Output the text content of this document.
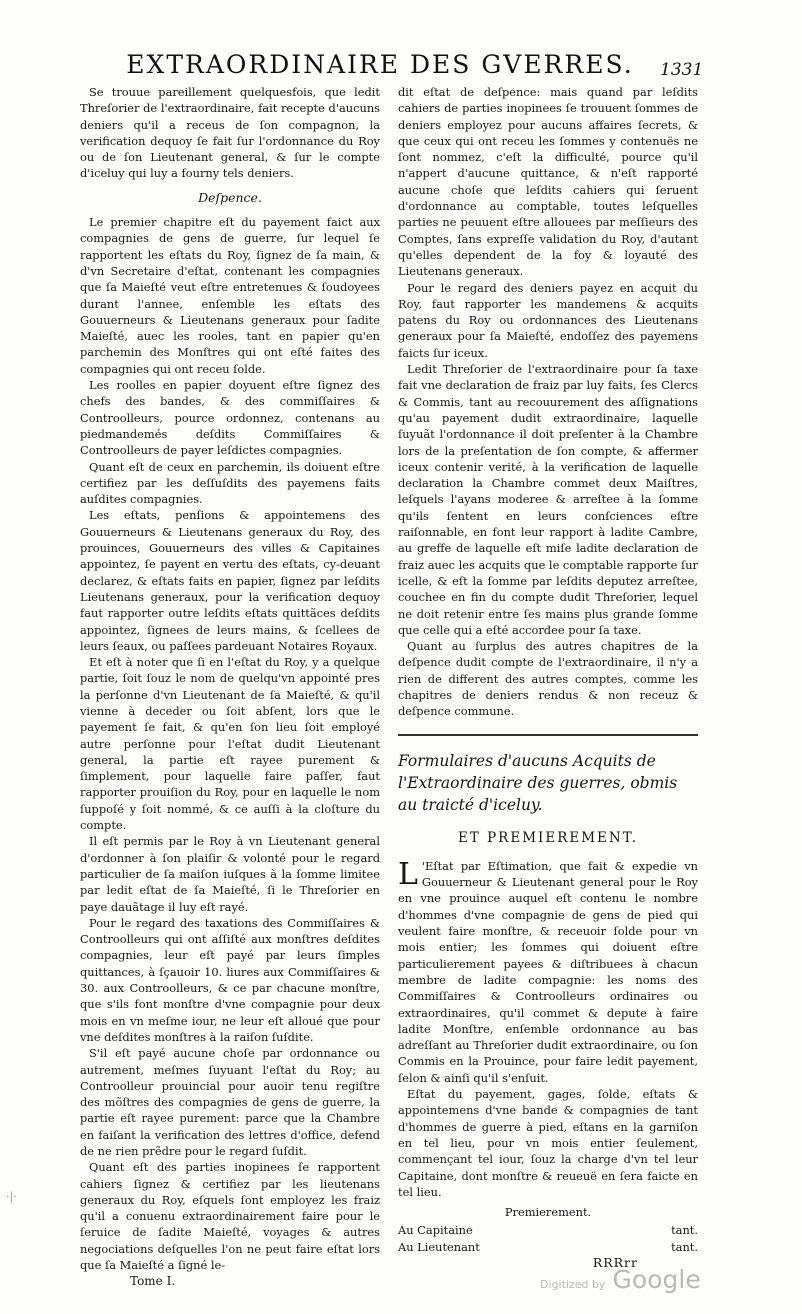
EXTRAORDINAIRE DES GVERRES.	1331

Se trouue pareillement quelquesfois, que ledit Threſorier de l'extraordinaire, fait recepte d'aucuns deniers qu'il a receus de ſon compagnon, la verification dequoy ſe fait ſur l'ordonnance du Roy ou de ſon Lieutenant general, & ſur le compte d'iceluy qui luy a fourny tels deniers.

Deſpence.

Le premier chapitre eſt du payement faict aux compagnies de gens de guerre, ſur lequel ſe rapportent les eſtats du Roy, ſignez de ſa main, & d'vn Secretaire d'eſtat, contenant les compagnies que ſa Maieſté veut eſtre entretenues & ſoudoyees durant l'annee, enſemble les eſtats des Gouuerneurs & Lieutenans generaux pour ſadite Maieſté, auec les rooles, tant en papier qu'en parchemin des Monſtres qui ont eſté faites des compagnies qui ont receu ſolde.

Les roolles en papier doyuent eſtre ſignez des chefs des bandes, & des commiſſaires & Controolleurs, pource ordonnez, contenans au piedmandemés deſdits Commiſſaires & Controolleurs de payer leſdictes compagnies.

Quant eſt de ceux en parchemin, ils doiuent eſtre certifiez par les deſſuſdits des payemens faits auſdites compagnies.

Les eſtats, penſions & appointemens des Gouuerneurs & Lieutenans generaux du Roy, des prouinces, Gouuerneurs des villes & Capitaines appointez, ſe payent en vertu des eſtats, cy-deuant declarez, & eſtats faits en papier, ſignez par leſdits Lieutenans generaux, pour la verification dequoy faut rapporter outre leſdits eſtats quittãces deſdits appointez, ſignees de leurs mains, & ſcellees de leurs ſeaux, ou paſſees pardeuant Notaires Royaux.

Et eſt à noter que ſi en l'eſtat du Roy, y a quelque partie, ſoit ſouz le nom de quelqu'vn appointé pres la perſonne d'vn Lieutenant de ſa Maieſté, & qu'il vienne à deceder ou ſoit abſent, lors que le payement ſe fait, & qu'en ſon lieu ſoit employé autre perſonne pour l'eſtat dudit Lieutenant general, la partie eſt rayee purement & ſimplement, pour laquelle faire paſſer, faut rapporter prouiſion du Roy, pour en laquelle le nom ſuppoſé y ſoit nommé, & ce auſſi à la cloſture du compte.

Il eſt permis par le Roy à vn Lieutenant general d'ordonner à ſon plaiſir & volonté pour le regard particulier de ſa maiſon iuſques à la ſomme limitee par ledit eſtat de ſa Maieſté, ſi le Threſorier en paye dauãtage il luy eſt rayé.

Pour le regard des taxations des Commiſſaires & Controolleurs qui ont aſſiſté aux monſtres deſdites compagnies, leur eſt payé par leurs ſimples quittances, à ſçauoir 10. liures aux Commiſſaires & 30. aux Controolleurs, & ce par chacune monſtre, que s'ils font monſtre d'vne compagnie pour deux mois en vn meſme iour, ne leur eſt alloué que pour vne deſdites monſtres à la raiſon ſuſdite.

S'il eſt payé aucune choſe par ordonnance ou autrement, meſmes ſuyuant l'eſtat du Roy; au Controolleur prouincial pour auoir tenu regiſtre des mõſtres des compagnies de gens de guerre, la partie eſt rayee purement: parce que la Chambre en faiſant la verification des lettres d'office, defend de ne rien prẽdre pour le regard ſuſdit.

Quant eſt des parties inopinees ſe rapportent cahiers ſignez & certifiez par les lieutenans generaux du Roy, eſquels ſont employez les fraiz qu'il a conuenu extraordinairement faire pour le ſeruice de ſadite Maieſté, voyages & autres negociations deſquelles l'on ne peut faire eſtat lors que ſa Maieſté a ſigné le-

Tome I.

dit eſtat de deſpence: mais quand par leſdits cahiers de parties inopinees ſe trouuent ſommes de deniers employez pour aucuns affaires ſecrets, & que ceux qui ont receu les ſommes y contenuës ne ſont nommez, c'eſt la difficulté, pource qu'il n'appert d'aucune quittance, & n'eſt rapporté aucune choſe que leſdits cahiers qui ſeruent d'ordonnance au comptable, toutes leſquelles parties ne peuuent eſtre allouees par meſſieurs des Comptes, ſans expreſſe validation du Roy, d'autant qu'elles dependent de la foy & loyauté des Lieutenans generaux.

Pour le regard des deniers payez en acquit du Roy, faut rapporter les mandemens & acquits patens du Roy ou ordonnances des Lieutenans generaux pour ſa Maieſté, endoſſez des payemens faicts ſur iceux.

Ledit Threſorier de l'extraordinaire pour ſa taxe fait vne declaration de fraiz par luy faits, ſes Clercs & Commis, tant au recouurement des aſſignations qu'au payement dudit extraordinaire, laquelle ſuyuãt l'ordonnance il doit preſenter à la Chambre lors de la preſentation de ſon compte, & affermer iceux contenir verité, à la verification de laquelle declaration la Chambre commet deux Maiſtres, leſquels l'ayans moderee & arreſtee à la ſomme qu'ils ſentent en leurs conſciences eſtre raiſonnable, en font leur rapport à ladite Cambre, au greffe de laquelle eſt miſe ladite declaration de fraiz auec les acquits que le comptable rapporte ſur icelle, & eſt la ſomme par leſdits deputez arreſtee, couchee en fin du compte dudit Threſorier, lequel ne doit retenir entre ſes mains plus grande ſomme que celle qui a eſté accordee pour ſa taxe.

Quant au ſurplus des autres chapitres de la deſpence dudit compte de l'extraordinaire, il n'y a rien de different des autres comptes, comme les chapitres de deniers rendus & non receuz & deſpence commune.

Formulaires d'aucuns Acquits de l'Extraordinaire des guerres, obmis au traicté d'iceluy.
ET PREMIEREMENT.

L 'Eſtat par Eſtimation, que fait & expedie vn Gouuerneur & Lieutenant general pour le Roy en vne prouince auquel eſt contenu le nombre d'hommes d'vne compagnie de gens de pied qui veulent faire monſtre, & receuoir ſolde pour vn mois entier; les ſommes qui doiuent eſtre particulierement payees & diſtribuees à chacun membre de ladite compagnie: les noms des Commiſſaires & Controolleurs ordinaires ou extraordinaires, qu'il commet & depute à faire ladite Monſtre, enſemble ordonnance au bas adreſſant au Threſorier dudit extraordinaire, ou ſon Commis en la Prouince, pour faire ledit payement, ſelon & ainſi qu'il s'enſuit.

Eſtat du payement, gages, ſolde, eſtats & appointemens d'vne bande & compagnies de tant d'hommes de guerre à pied, eſtans en la garniſon en tel lieu, pour vn mois entier ſeulement, commençant tel iour, ſouz la charge d'vn tel leur Capitaine, dont monſtre & reueuë en ſera faicte en tel lieu.

Premierement.
Au Capitaine	tant.
Au Lieutenant	tant.
RRRrr
·|·
Digitized by Google
